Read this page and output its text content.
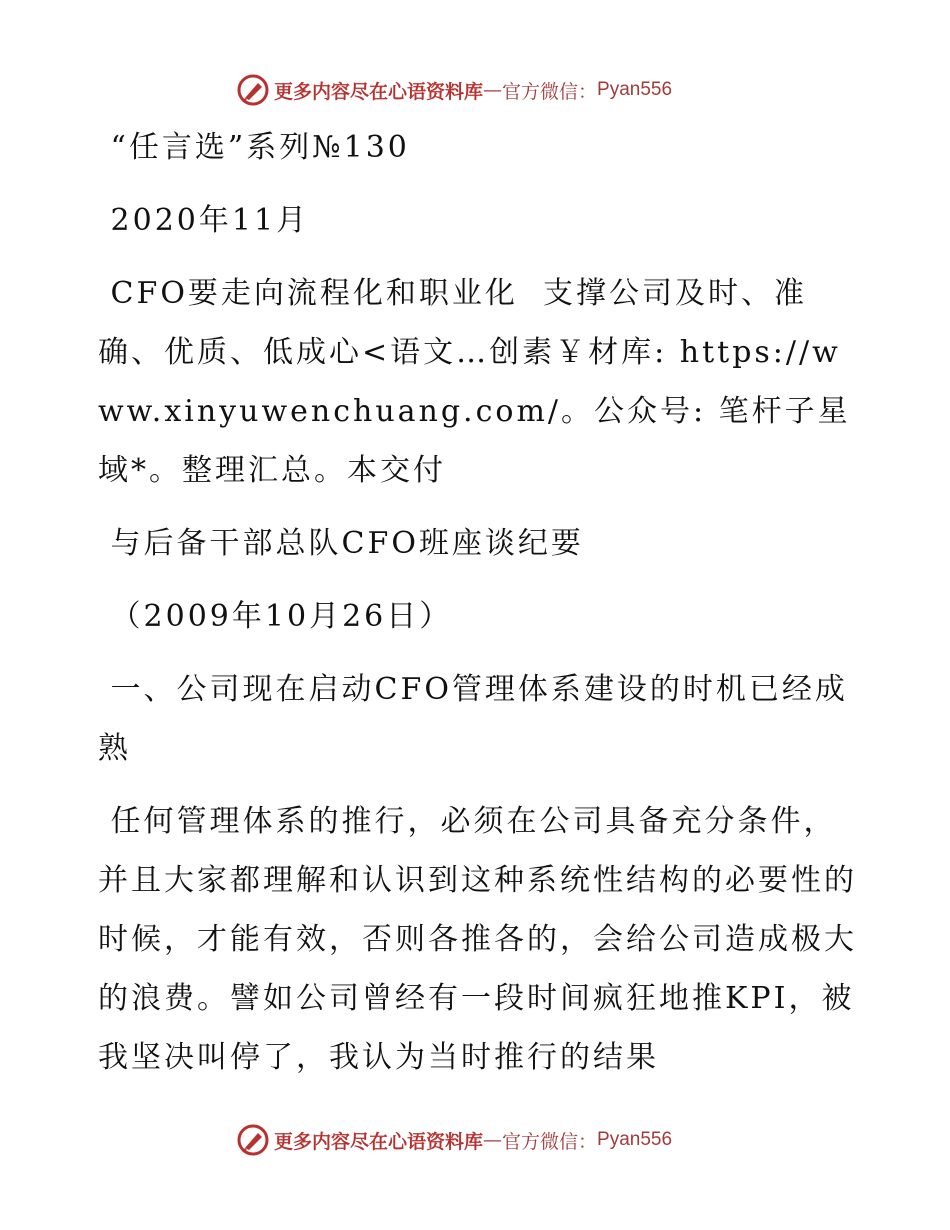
更多内容尽在心语资料库 — 官方微信： Pyan556

“任言选”系列№130

2020年11月

CFO要走向流程化和职业化  支撑公司及时、准确、优质、低成心<语文…创素￥材库: https://www.xinyuwenchuang.com/。公众号: 笔杆子星域*。整理汇总。本交付

与后备干部总队CFO班座谈纪要

（2009年10月26日）

一、公司现在启动CFO管理体系建设的时机已经成熟

任何管理体系的推行，必须在公司具备充分条件，并且大家都理解和认识到这种系统性结构的必要性的时候，才能有效，否则各推各的，会给公司造成极大的浪费。譬如公司曾经有一段时间疯狂地推KPI，被我坚决叫停了，我认为当时推行的结果

更多内容尽在心语资料库 — 官方微信： Pyan556
